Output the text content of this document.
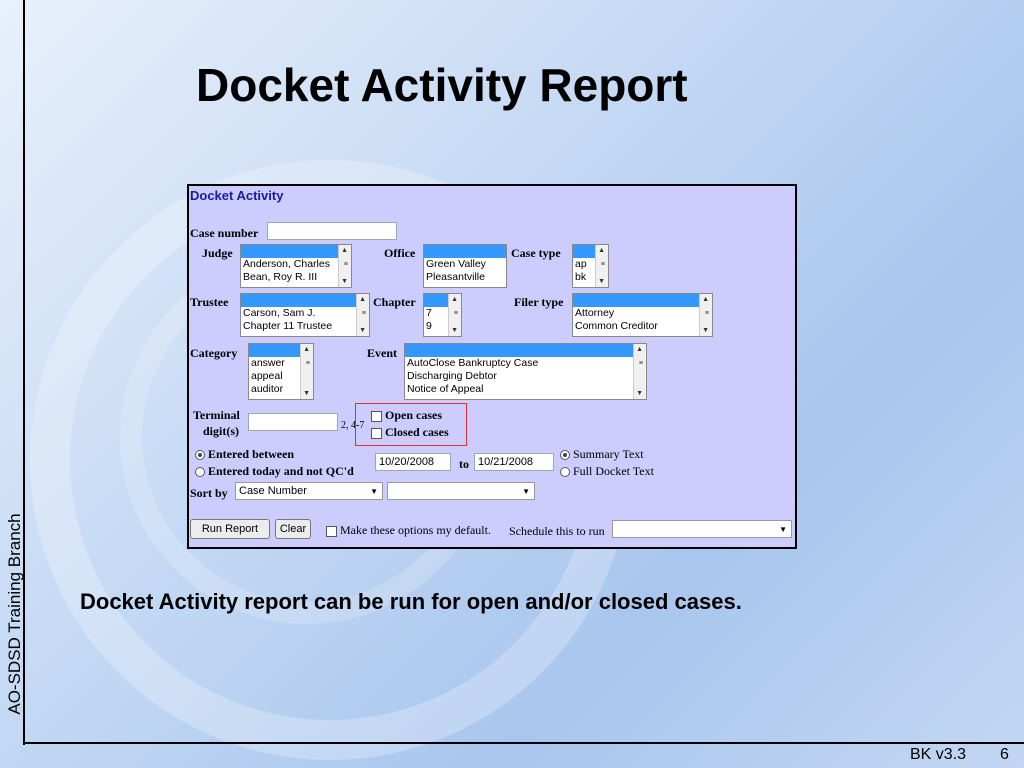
AO-SDSD Training Branch
Docket Activity Report
Docket Activity
Case number
Judge
Anderson, Charles
Bean, Roy R. III
▲
≡
▼
Office
Green Valley
Pleasantville
Case type
ap
bk
▲
≡
▼
Trustee
Carson, Sam J.
Chapter 11 Trustee
▲
≡
▼
Chapter
7
9
▲
≡
▼
Filer type
Attorney
Common Creditor
▲
≡
▼
Category
answer
appeal
auditor
▲
≡
▼
Event
AutoClose Bankruptcy Case
Discharging Debtor
Notice of Appeal
▲
≡
▼
Terminal
digit(s)	2, 4-7
Open cases
Closed cases
Entered between
Entered today and not QC'd
10/20/2008	to 10/21/2008
Summary Text
Full Docket Text
Sort by	Case Number	▼	▼
Run Report	Clear	Make these options my default. Schedule this to run	▼
Docket Activity report can be run for open and/or closed cases.
BK v3.3 6
